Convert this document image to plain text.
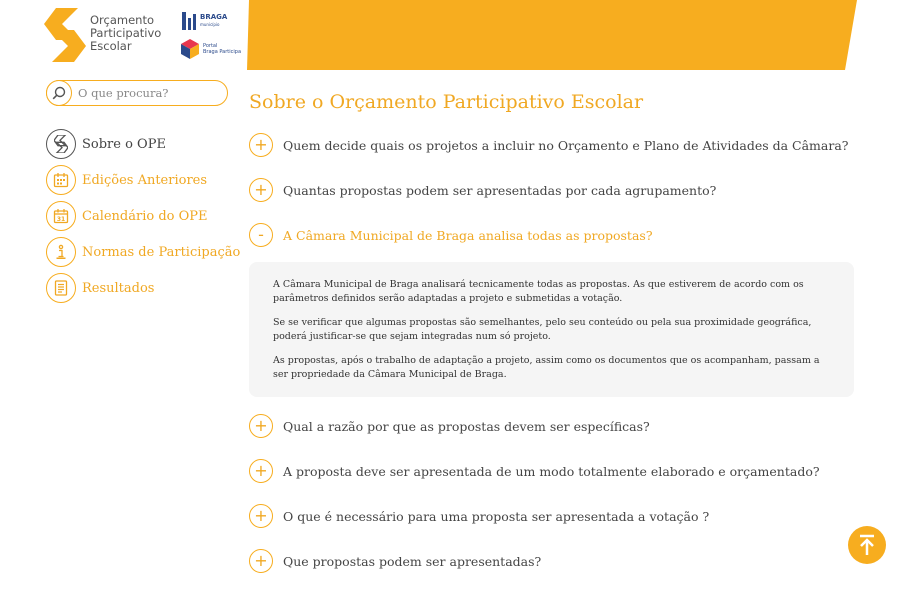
Orçamento
Participativo
Escolar
BRAGA
município
Portal
Braga Participa
O que procura?
Sobre o OPE
Edições Anteriores
31 Calendário do OPE
Normas de Participação
Resultados
Sobre o Orçamento Participativo Escolar
+	Quem decide quais os projetos a incluir no Orçamento e Plano de Atividades da Câmara?
+	Quantas propostas podem ser apresentadas por cada agrupamento?
-	A Câmara Municipal de Braga analisa todas as propostas?

A Câmara Municipal de Braga analisará tecnicamente todas as propostas. As que estiverem de acordo com os parâmetros definidos serão adaptadas a projeto e submetidas a votação.

Se se verificar que algumas propostas são semelhantes, pelo seu conteúdo ou pela sua proximidade geográfica, poderá justificar-se que sejam integradas num só projeto.

As propostas, após o trabalho de adaptação a projeto, assim como os documentos que os acompanham, passam a ser propriedade da Câmara Municipal de Braga.

+	Qual a razão por que as propostas devem ser específicas?
+	A proposta deve ser apresentada de um modo totalmente elaborado e orçamentado?
+	O que é necessário para uma proposta ser apresentada a votação ?
+	Que propostas podem ser apresentadas?
